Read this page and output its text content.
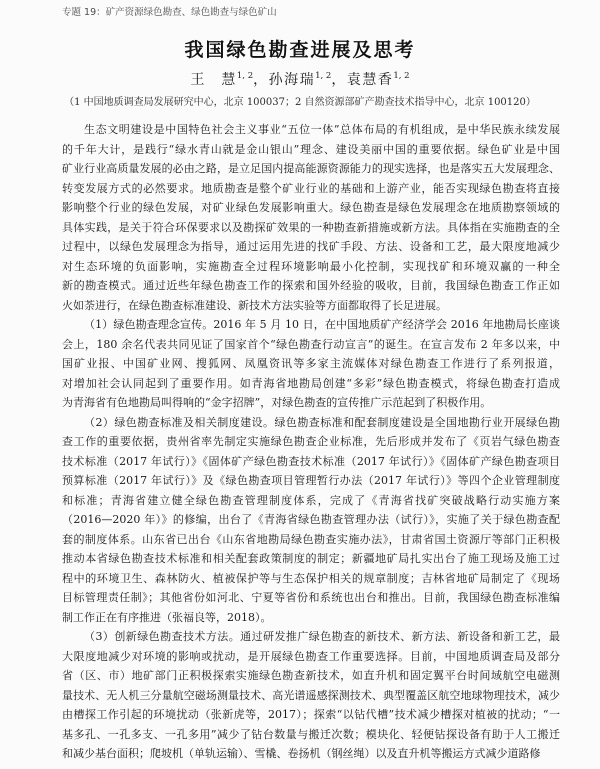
专题 19：矿产资源绿色勘查、绿色勘查与绿色矿山
我国绿色勘查进展及思考
王　慧$^{1, 2}$，孙海瑞$^{1, 2}$，袁慧香$^{1, 2}$
（1 中国地质调查局发展研究中心，北京 100037；2 自然资源部矿产勘查技术指导中心，北京 100120）
生态文明建设是中国特色社会主义事业“五位一体”总体布局的有机组成，是中华民族永续发展
的千年大计，是践行“绿水青山就是金山银山”理念、建设美丽中国的重要依据。绿色矿业是中国
矿业行业高质量发展的必由之路，是立足国内提高能源资源能力的现实选择，也是落实五大发展理念、
转变发展方式的必然要求。地质勘查是整个矿业行业的基础和上游产业，能否实现绿色勘查将直接
影响整个行业的绿色发展，对矿业绿色发展影响重大。绿色勘查是绿色发展理念在地质勘察领域的
具体实践，是关于符合环保要求以及勘探矿效果的一种勘查新措施或新方法。具体指在实施勘查的全
过程中，以绿色发展理念为指导，通过运用先进的找矿手段、方法、设备和工艺，最大限度地减少
对生态环境的负面影响，实施勘查全过程环境影响最小化控制，实现找矿和环境双赢的一种全
新的勘查模式。通过近些年绿色勘查工作的探索和国外经验的吸收，目前，我国绿色勘查工作正如
火如荼进行，在绿色勘查标准建设、新技术方法实验等方面都取得了长足进展。
（1）绿色勘查理念宣传。2016 年 5 月 10 日，在中国地质矿产经济学会 2016 年地勘局长座谈
会上，180 余名代表共同见证了国家首个“绿色勘查行动宣言”的诞生。在宣言发布 2 年多以来，中
国矿业报、中国矿业网、搜狐网、凤凰资讯等多家主流媒体对绿色勘查工作进行了系列报道，
对增加社会认同起到了重要作用。如青海省地勘局创建“多彩”绿色勘查模式，将绿色勘查打造成
为青海省有色地勘局叫得响的“金字招牌”，对绿色勘查的宣传推广示范起到了积极作用。
（2）绿色勘查标准及相关制度建设。绿色勘查标准和配套制度建设是全国地勘行业开展绿色勘
查工作的重要依据，贵州省率先制定实施绿色勘查企业标准，先后形成并发布了《页岩气绿色勘查
技术标准（2017 年试行）》《固体矿产绿色勘查技术标准（2017 年试行）》《固体矿产绿色勘查项目
预算标准（2017 年试行）》及《绿色勘查项目管理暂行办法（2017 年试行）》等四个企业管理制度
和标准；青海省建立健全绿色勘查管理制度体系，完成了《青海省找矿突破战略行动实施方案
（2016—2020 年）》的修编，出台了《青海省绿色勘查管理办法（试行）》，实施了关于绿色勘查配
套的制度体系。山东省已出台《山东省地勘局绿色勘查实施办法》，甘肃省国土资源厅等部门正积极
推动本省绿色勘查技术标准和相关配套政策制度的制定；新疆地矿局扎实出台了施工现场及施工过
程中的环境卫生、森林防火、植被保护等与生态保护相关的规章制度；吉林省地矿局制定了《现场
目标管理责任制》；其他省份如河北、宁夏等省份和系统也出台和推出。目前，我国绿色勘查标准编
制工作正在有序推进（张福良等，2018）。
（3）创新绿色勘查技术方法。通过研发推广绿色勘查的新技术、新方法、新设备和新工艺，最
大限度地减少对环境的影响或扰动，是开展绿色勘查工作重要选择。目前，中国地质调查局及部分
省（区、市）地矿部门正积极探索实施绿色勘查新技术，如直升机和固定翼平台时间域航空电磁测
量技术、无人机三分量航空磁场测量技术、高光谱遥感探测技术、典型覆盖区航空地球物理技术，减少
由槽探工作引起的环境扰动（张新虎等，2017）；探索“以钻代槽”技术减少槽探对植被的扰动；“一
基多孔、一孔多支、一孔多用”减少了钻台数量与搬迁次数；模块化、轻便钻探设备有助于人工搬迁
和减少基台面积；爬坡机（单轨运输）、雪橇、卷扬机（钢丝绳）以及直升机等搬运方式减少道路修
